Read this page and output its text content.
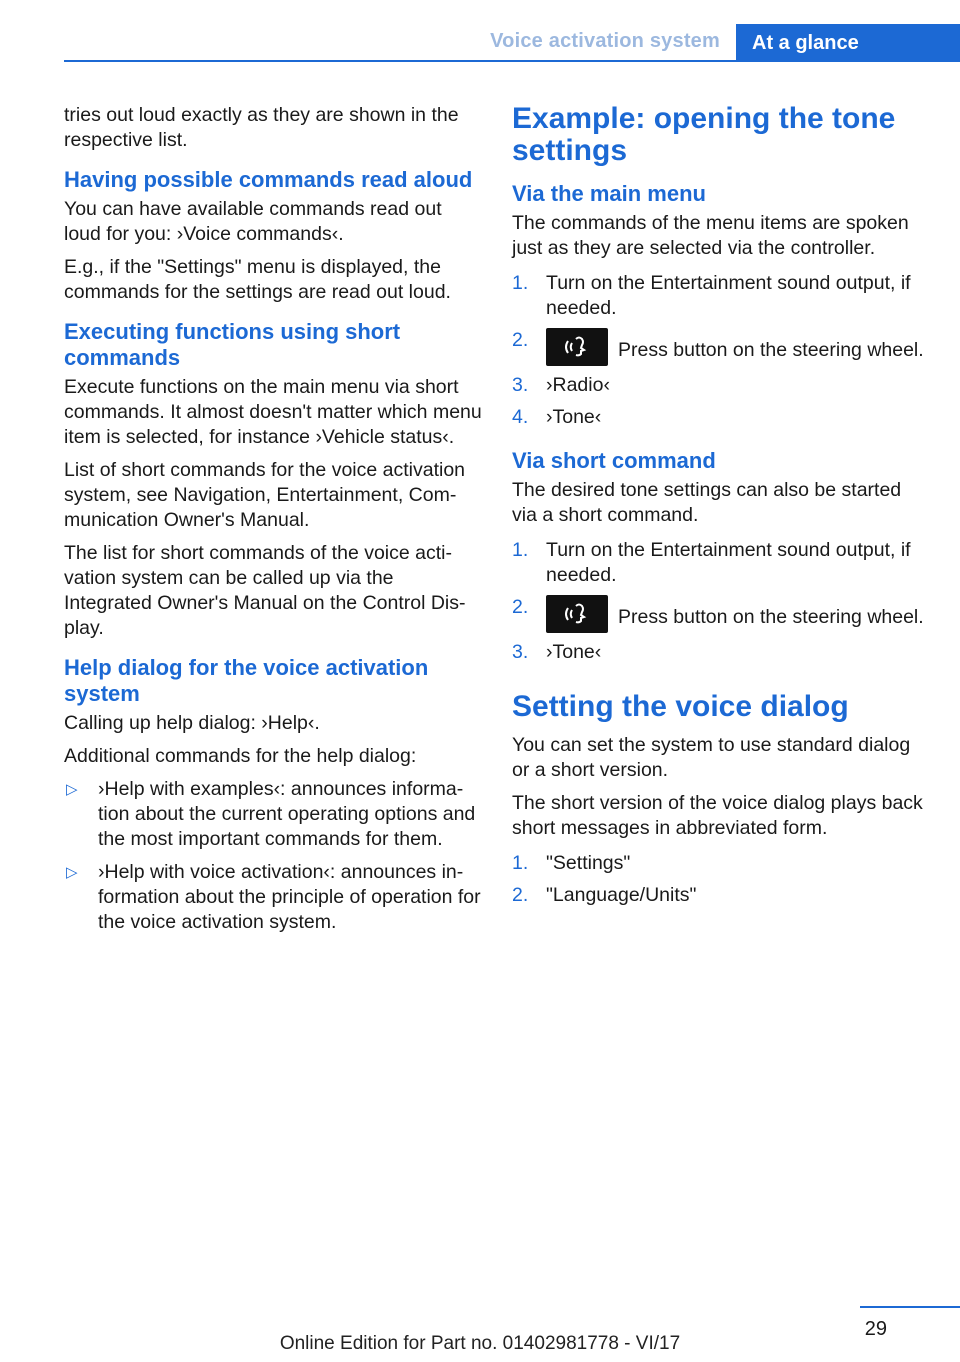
Voice activation system	At a glance

tries out loud exactly as they are shown in the respective list.

Having possible commands read aloud

You can have available commands read out loud for you: ›Voice commands‹.

E.g., if the "Settings" menu is displayed, the commands for the settings are read out loud.

Executing functions using short commands

Execute functions on the main menu via short commands. It almost doesn't matter which menu item is selected, for instance ›Vehicle status‹.

List of short commands for the voice activation system, see Navigation, Entertainment, Com‐ munication Owner's Manual.

The list for short commands of the voice acti‐ vation system can be called up via the Integrated Owner's Manual on the Control Dis‐ play.

Help dialog for the voice activation system

Calling up help dialog: ›Help‹.

Additional commands for the help dialog:

▷ ›Help with examples‹: announces informa‐ tion about the current operating options and the most important commands for them.
▷ ›Help with voice activation‹: announces in‐ formation about the principle of operation for the voice activation system.
Example: opening the tone settings
Via the main menu

The commands of the menu items are spoken just as they are selected via the controller.

1. Turn on the Entertainment sound output, if needed.
2.	Press button on the steering wheel.
3. ›Radio‹
4. ›Tone‹
Via short command

The desired tone settings can also be started via a short command.

1. Turn on the Entertainment sound output, if needed.
2.	Press button on the steering wheel.
3. ›Tone‹
Setting the voice dialog

You can set the system to use standard dialog or a short version.

The short version of the voice dialog plays back short messages in abbreviated form.

1. "Settings"
2. "Language/Units"
29
Online Edition for Part no. 01402981778 - VI/17
